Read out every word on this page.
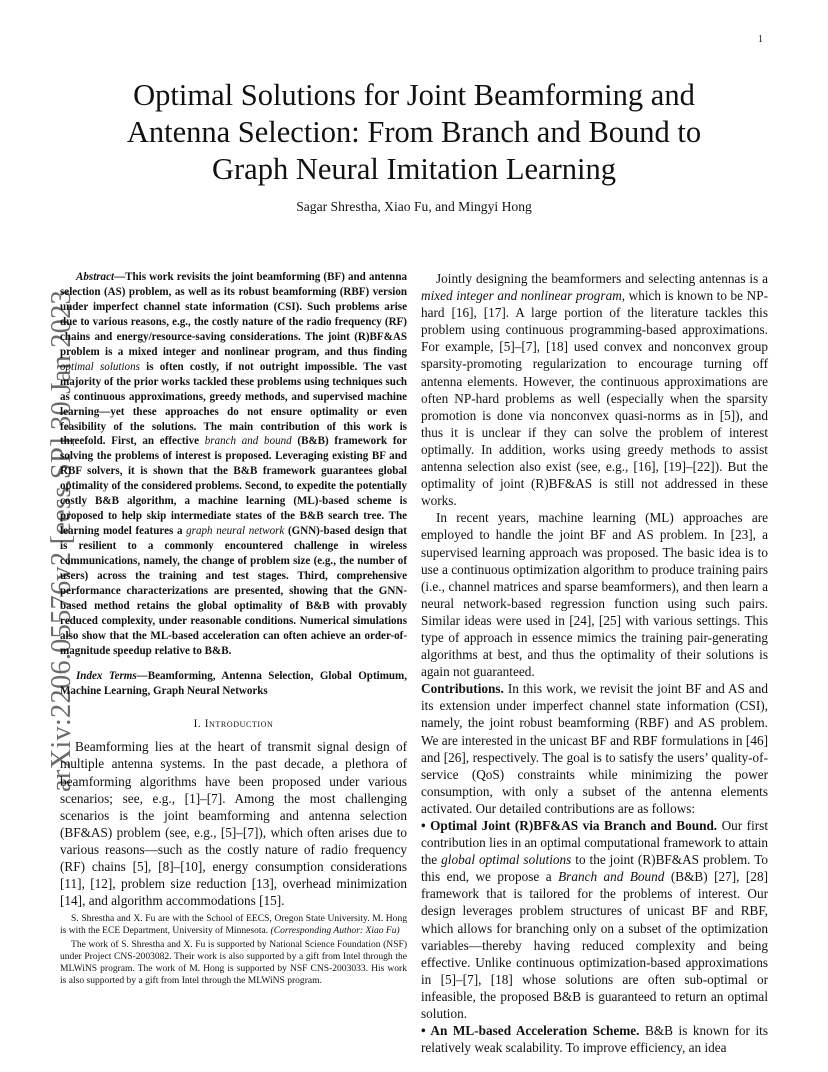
1
arXiv:2206.05576v2 [eess.SP] 30 Jan 2023
Optimal Solutions for Joint Beamforming and
Antenna Selection: From Branch and Bound to
Graph Neural Imitation Learning
Sagar Shrestha, Xiao Fu, and Mingyi Hong

Abstract—This work revisits the joint beamforming (BF) and antenna selection (AS) problem, as well as its robust beamforming (RBF) version under imperfect channel state information (CSI). Such problems arise due to various reasons, e.g., the costly nature of the radio frequency (RF) chains and energy/resource-saving considerations. The joint (R)BF&AS problem is a mixed integer and nonlinear program, and thus finding optimal solutions is often costly, if not outright impossible. The vast majority of the prior works tackled these problems using techniques such as continuous approximations, greedy methods, and supervised machine learning—yet these approaches do not ensure optimality or even feasibility of the solutions. The main contribution of this work is threefold. First, an effective branch and bound (B&B) framework for solving the problems of interest is proposed. Leveraging existing BF and RBF solvers, it is shown that the B&B framework guarantees global optimality of the considered problems. Second, to expedite the potentially costly B&B algorithm, a machine learning (ML)-based scheme is proposed to help skip intermediate states of the B&B search tree. The learning model features a graph neural network (GNN)-based design that is resilient to a commonly encountered challenge in wireless communications, namely, the change of problem size (e.g., the number of users) across the training and test stages. Third, comprehensive performance characterizations are presented, showing that the GNN-based method retains the global optimality of B&B with provably reduced complexity, under reasonable conditions. Numerical simulations also show that the ML-based acceleration can often achieve an order-of-magnitude speedup relative to B&B.

Index Terms—Beamforming, Antenna Selection, Global Optimum, Machine Learning, Graph Neural Networks

I. Introduction

Beamforming lies at the heart of transmit signal design of multiple antenna systems. In the past decade, a plethora of beamforming algorithms have been proposed under various scenarios; see, e.g., [1]–[7]. Among the most challenging scenarios is the joint beamforming and antenna selection (BF&AS) problem (see, e.g., [5]–[7]), which often arises due to various reasons—such as the costly nature of radio frequency (RF) chains [5], [8]–[10], energy consumption considerations [11], [12], problem size reduction [13], overhead minimization [14], and algorithm accommodations [15].

S. Shrestha and X. Fu are with the School of EECS, Oregon State University. M. Hong is with the ECE Department, University of Minnesota. (Corresponding Author: Xiao Fu)

The work of S. Shrestha and X. Fu is supported by National Science Foundation (NSF) under Project CNS-2003082. Their work is also supported by a gift from Intel through the MLWiNS program. The work of M. Hong is supported by NSF CNS-2003033. His work is also supported by a gift from Intel through the MLWiNS program.

Jointly designing the beamformers and selecting antennas is a mixed integer and nonlinear program, which is known to be NP-hard [16], [17]. A large portion of the literature tackles this problem using continuous programming-based approximations. For example, [5]–[7], [18] used convex and nonconvex group sparsity-promoting regularization to encourage turning off antenna elements. However, the continuous approximations are often NP-hard problems as well (especially when the sparsity promotion is done via nonconvex quasi-norms as in [5]), and thus it is unclear if they can solve the problem of interest optimally. In addition, works using greedy methods to assist antenna selection also exist (see, e.g., [16], [19]–[22]). But the optimality of joint (R)BF&AS is still not addressed in these works.

In recent years, machine learning (ML) approaches are employed to handle the joint BF and AS problem. In [23], a supervised learning approach was proposed. The basic idea is to use a continuous optimization algorithm to produce training pairs (i.e., channel matrices and sparse beamformers), and then learn a neural network-based regression function using such pairs. Similar ideas were used in [24], [25] with various settings. This type of approach in essence mimics the training pair-generating algorithms at best, and thus the optimality of their solutions is again not guaranteed.

Contributions. In this work, we revisit the joint BF and AS and its extension under imperfect channel state information (CSI), namely, the joint robust beamforming (RBF) and AS problem. We are interested in the unicast BF and RBF formulations in [46] and [26], respectively. The goal is to satisfy the users’ quality-of-service (QoS) constraints while minimizing the power consumption, with only a subset of the antenna elements activated. Our detailed contributions are as follows:

• Optimal Joint (R)BF&AS via Branch and Bound. Our first contribution lies in an optimal computational framework to attain the global optimal solutions to the joint (R)BF&AS problem. To this end, we propose a Branch and Bound (B&B) [27], [28] framework that is tailored for the problems of interest. Our design leverages problem structures of unicast BF and RBF, which allows for branching only on a subset of the optimization variables—thereby having reduced complexity and being effective. Unlike continuous optimization-based approximations in [5]–[7], [18] whose solutions are often sub-optimal or infeasible, the proposed B&B is guaranteed to return an optimal solution.

• An ML-based Acceleration Scheme. B&B is known for its relatively weak scalability. To improve efficiency, an idea
